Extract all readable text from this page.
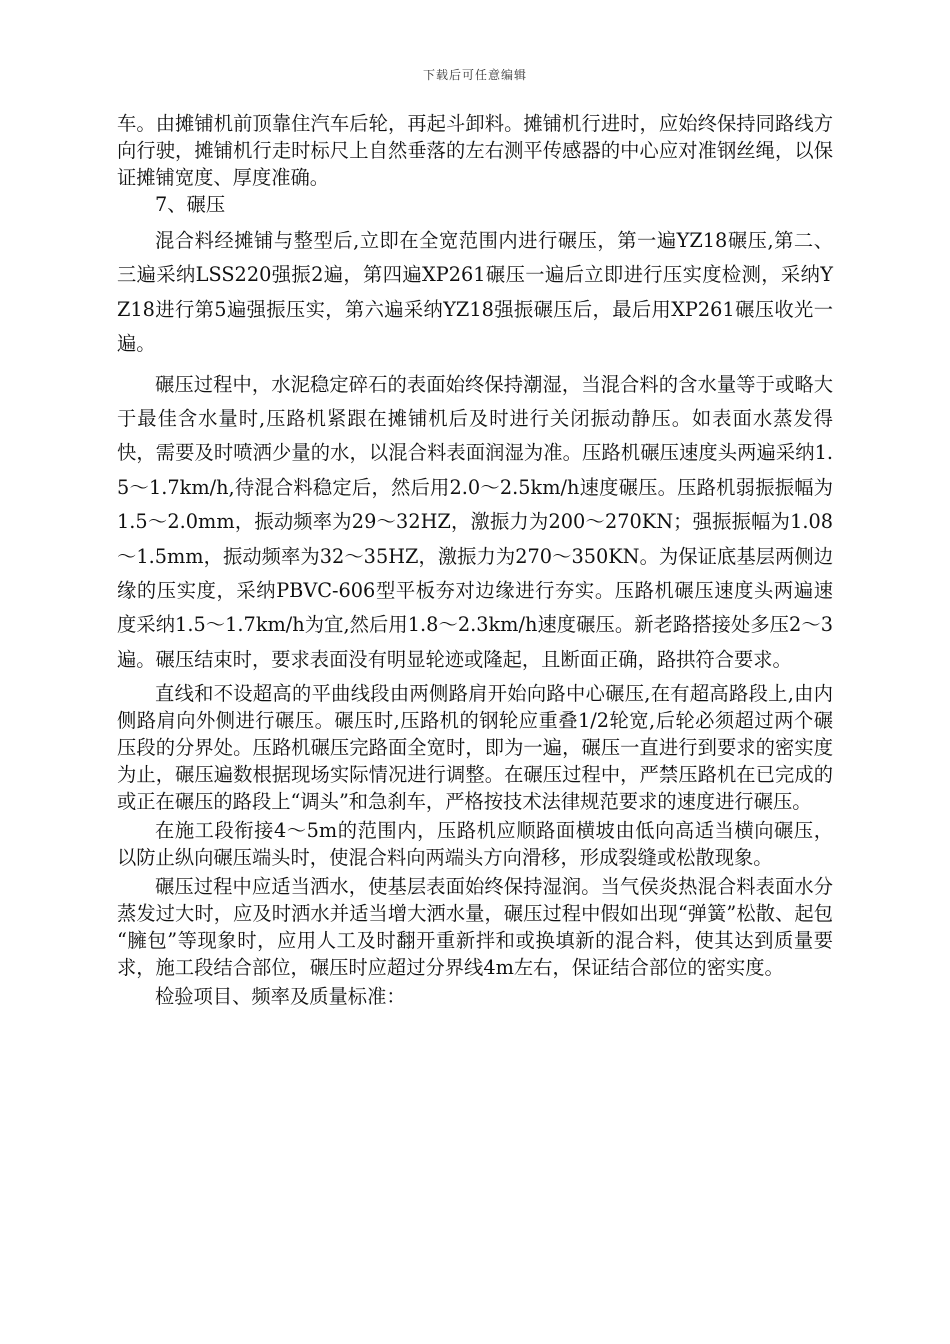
下载后可任意编辑

车。由摊铺机前顶靠住汽车后轮，再起斗卸料。摊铺机行进时，应始终保持同路线方向行驶，摊铺机行走时标尺上自然垂落的左右测平传感器的中心应对准钢丝绳，以保证摊铺宽度、厚度准确。

7、碾压

混合料经摊铺与整型后,立即在全宽范围内进行碾压，第一遍YZ18碾压,第二、三遍采纳LSS220强振2遍，第四遍XP261碾压一遍后立即进行压实度检测，采纳YZ18进行第5遍强振压实，第六遍采纳YZ18强振碾压后，最后用XP261碾压收光一遍。

碾压过程中，水泥稳定碎石的表面始终保持潮湿，当混合料的含水量等于或略大于最佳含水量时,压路机紧跟在摊铺机后及时进行关闭振动静压。如表面水蒸发得快，需要及时喷洒少量的水，以混合料表面润湿为准。压路机碾压速度头两遍采纳1.5～1.7km/h,待混合料稳定后，然后用2.0～2.5km/h速度碾压。压路机弱振振幅为1.5～2.0mm，振动频率为29～32HZ，激振力为200～270KN；强振振幅为1.08～1.5mm，振动频率为32～35HZ，激振力为270～350KN。为保证底基层两侧边缘的压实度，采纳PBVC-606型平板夯对边缘进行夯实。压路机碾压速度头两遍速度采纳1.5～1.7km/h为宜,然后用1.8～2.3km/h速度碾压。新老路搭接处多压2～3遍。碾压结束时，要求表面没有明显轮迹或隆起，且断面正确，路拱符合要求。

直线和不设超高的平曲线段由两侧路肩开始向路中心碾压,在有超高路段上,由内侧路肩向外侧进行碾压。碾压时,压路机的钢轮应重叠1/2轮宽,后轮必须超过两个碾压段的分界处。压路机碾压完路面全宽时，即为一遍，碾压一直进行到要求的密实度为止，碾压遍数根据现场实际情况进行调整。在碾压过程中，严禁压路机在已完成的或正在碾压的路段上“调头”和急刹车，严格按技术法律规范要求的速度进行碾压。

在施工段衔接4～5m的范围内，压路机应顺路面横坡由低向高适当横向碾压，以防止纵向碾压端头时，使混合料向两端头方向滑移，形成裂缝或松散现象。

碾压过程中应适当洒水，使基层表面始终保持湿润。当气侯炎热混合料表面水分蒸发过大时，应及时洒水并适当增大洒水量，碾压过程中假如出现“弹簧”松散、起包 “臃包”等现象时，应用人工及时翻开重新拌和或换填新的混合料，使其达到质量要求，施工段结合部位，碾压时应超过分界线4m左右，保证结合部位的密实度。

检验项目、频率及质量标准：
